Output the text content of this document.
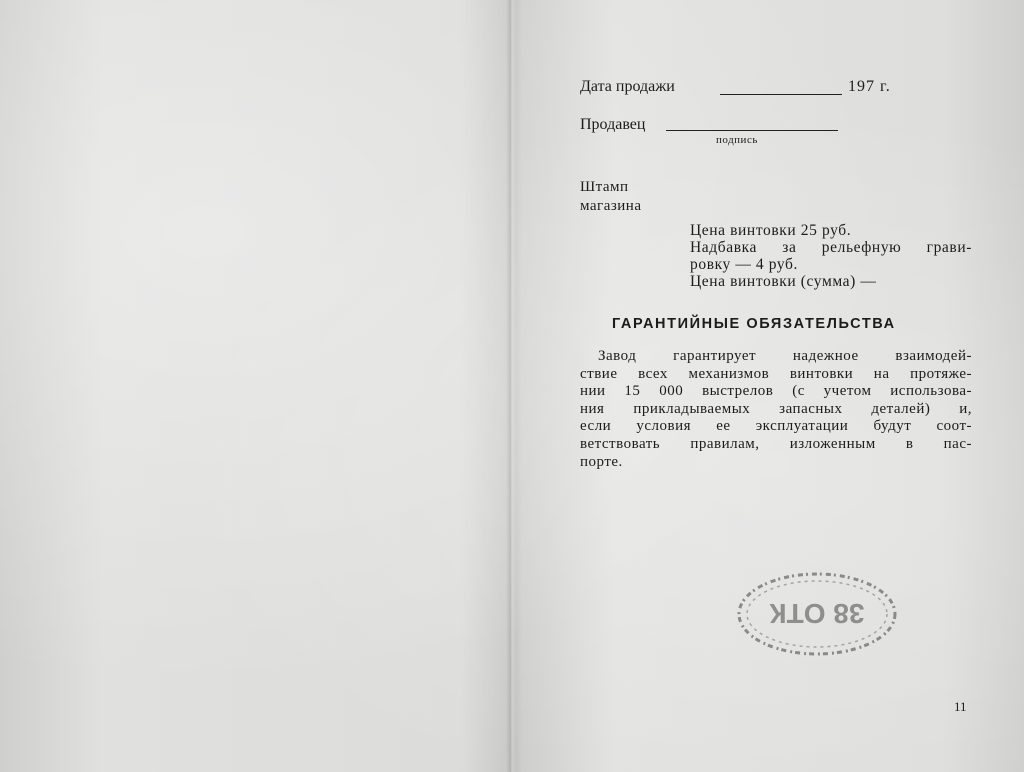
Дата продажи	197 г.
Продавец
подпись
Штамп
магазина
Цена винтовки 25 руб.
Надбавка за рельефную грави-
ровку — 4 руб.
Цена винтовки (сумма) —
ГАРАНТИЙНЫЕ ОБЯЗАТЕЛЬСТВА
Завод гарантирует надежное взаимодей-
ствие всех механизмов винтовки на протяже-
нии 15 000 выстрелов (с учетом использова-
ния прикладываемых запасных деталей) и,
если условия ее эксплуатации будут соот-
ветствовать правилам, изложенным в пас-
порте.
38 ОТК
11
